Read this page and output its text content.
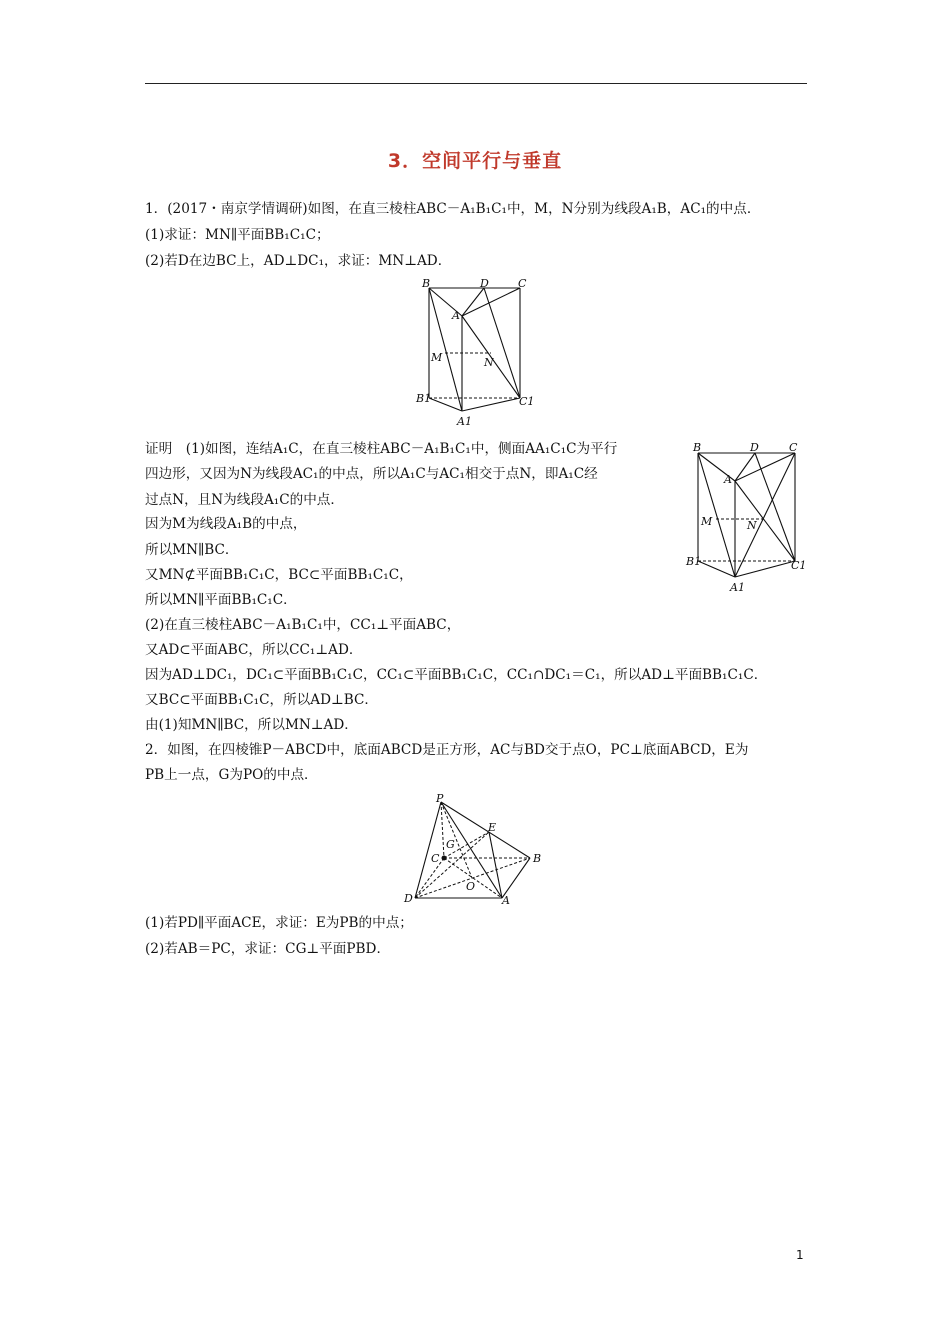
3．空间平行与垂直
1．(2017・南京学情调研)如图，在直三棱柱ABC－A₁B₁C₁中，M，N分别为线段A₁B，AC₁的中点．
(1)求证：MN∥平面BB₁C₁C；
(2)若D在边BC上，AD⊥DC₁，求证：MN⊥AD．
B	D	C
A
M	N
B1	C1
A1
证明　(1)如图，连结A₁C，在直三棱柱ABC－A₁B₁C₁中，侧面AA₁C₁C为平行
四边形，又因为N为线段AC₁的中点，所以A₁C与AC₁相交于点N，即A₁C经
过点N，且N为线段A₁C的中点．
因为M为线段A₁B的中点，
所以MN∥BC．
又MN⊄平面BB₁C₁C，BC⊂平面BB₁C₁C，
所以MN∥平面BB₁C₁C．
(2)在直三棱柱ABC－A₁B₁C₁中，CC₁⊥平面ABC，
又AD⊂平面ABC，所以CC₁⊥AD．
因为AD⊥DC₁，DC₁⊂平面BB₁C₁C，CC₁⊂平面BB₁C₁C，CC₁∩DC₁＝C₁，所以AD⊥平面BB₁C₁C．
又BC⊂平面BB₁C₁C，所以AD⊥BC．
由(1)知MN∥BC，所以MN⊥AD．
B	D	C
A
M	N
B1	C1
A1
2．如图，在四棱锥P－ABCD中，底面ABCD是正方形，AC与BD交于点O，PC⊥底面ABCD，E为
PB上一点，G为PO的中点．
P
E
G
C	B
O
D	A
(1)若PD∥平面ACE，求证：E为PB的中点；
(2)若AB＝PC，求证：CG⊥平面PBD．
1
